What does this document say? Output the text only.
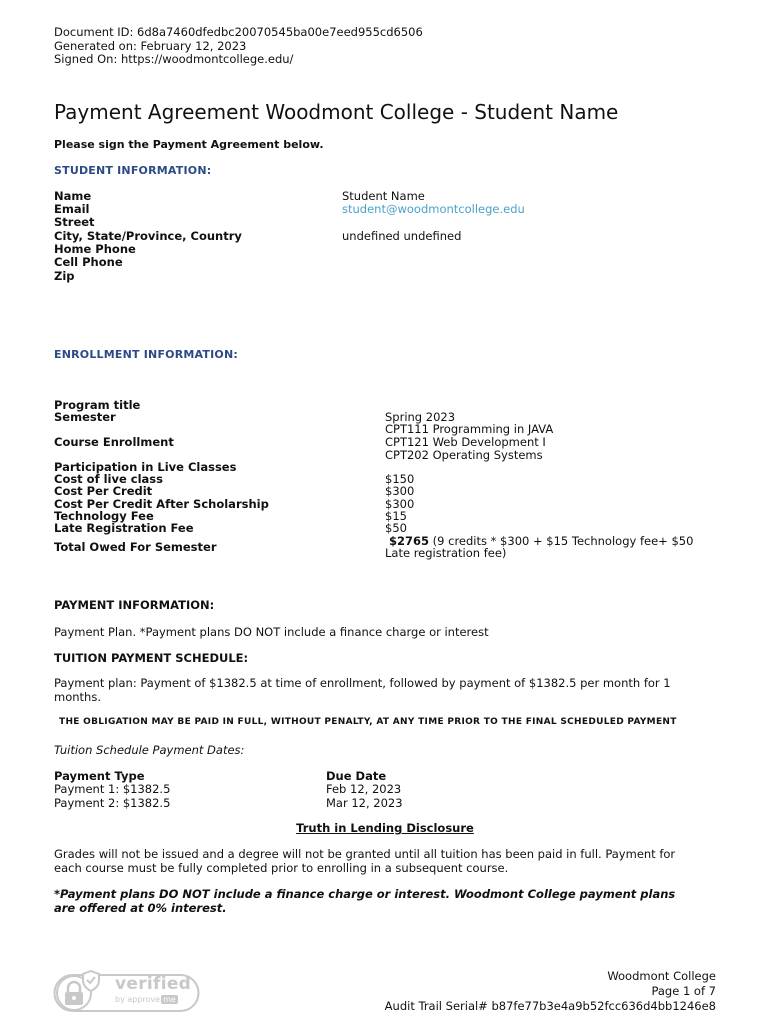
Document ID: 6d8a7460dfedbc20070545ba00e7eed955cd6506
Generated on: February 12, 2023
Signed On: https://woodmontcollege.edu/
Payment Agreement Woodmont College - Student Name
Please sign the Payment Agreement below.
STUDENT INFORMATION:
Name	Student Name
Email	student@woodmontcollege.edu
Street
City, State/Province, Country	undefined undefined
Home Phone
Cell Phone
Zip
ENROLLMENT INFORMATION:
Program title
Semester	Spring 2023
CPT111 Programming in JAVA
Course Enrollment	CPT121 Web Development I
CPT202 Operating Systems
Participation in Live Classes
Cost of live class	$150
Cost Per Credit	$300
Cost Per Credit After Scholarship	$300
Technology Fee	$15
Late Registration Fee	$50
Total Owed For Semester	$2765 (9 credits * $300 + $15 Technology fee+ $50
Late registration fee)
PAYMENT INFORMATION:
Payment Plan. *Payment plans DO NOT include a finance charge or interest
TUITION PAYMENT SCHEDULE:
Payment plan: Payment of $1382.5 at time of enrollment, followed by payment of $1382.5 per month for 1
months.
THE OBLIGATION MAY BE PAID IN FULL, WITHOUT PENALTY, AT ANY TIME PRIOR TO THE FINAL SCHEDULED PAYMENT
Tuition Schedule Payment Dates:
Payment Type	Due Date
Payment 1: $1382.5	Feb 12, 2023
Payment 2: $1382.5	Mar 12, 2023
Truth in Lending Disclosure
Grades will not be issued and a degree will not be granted until all tuition has been paid in full. Payment for
each course must be fully completed prior to enrolling in a subsequent course.
*Payment plans DO NOT include a finance charge or interest. Woodmont College payment plans
are offered at 0% interest.
verified
by approve me
Woodmont College
Page 1 of 7
Audit Trail Serial# b87fe77b3e4a9b52fcc636d4bb1246e8
